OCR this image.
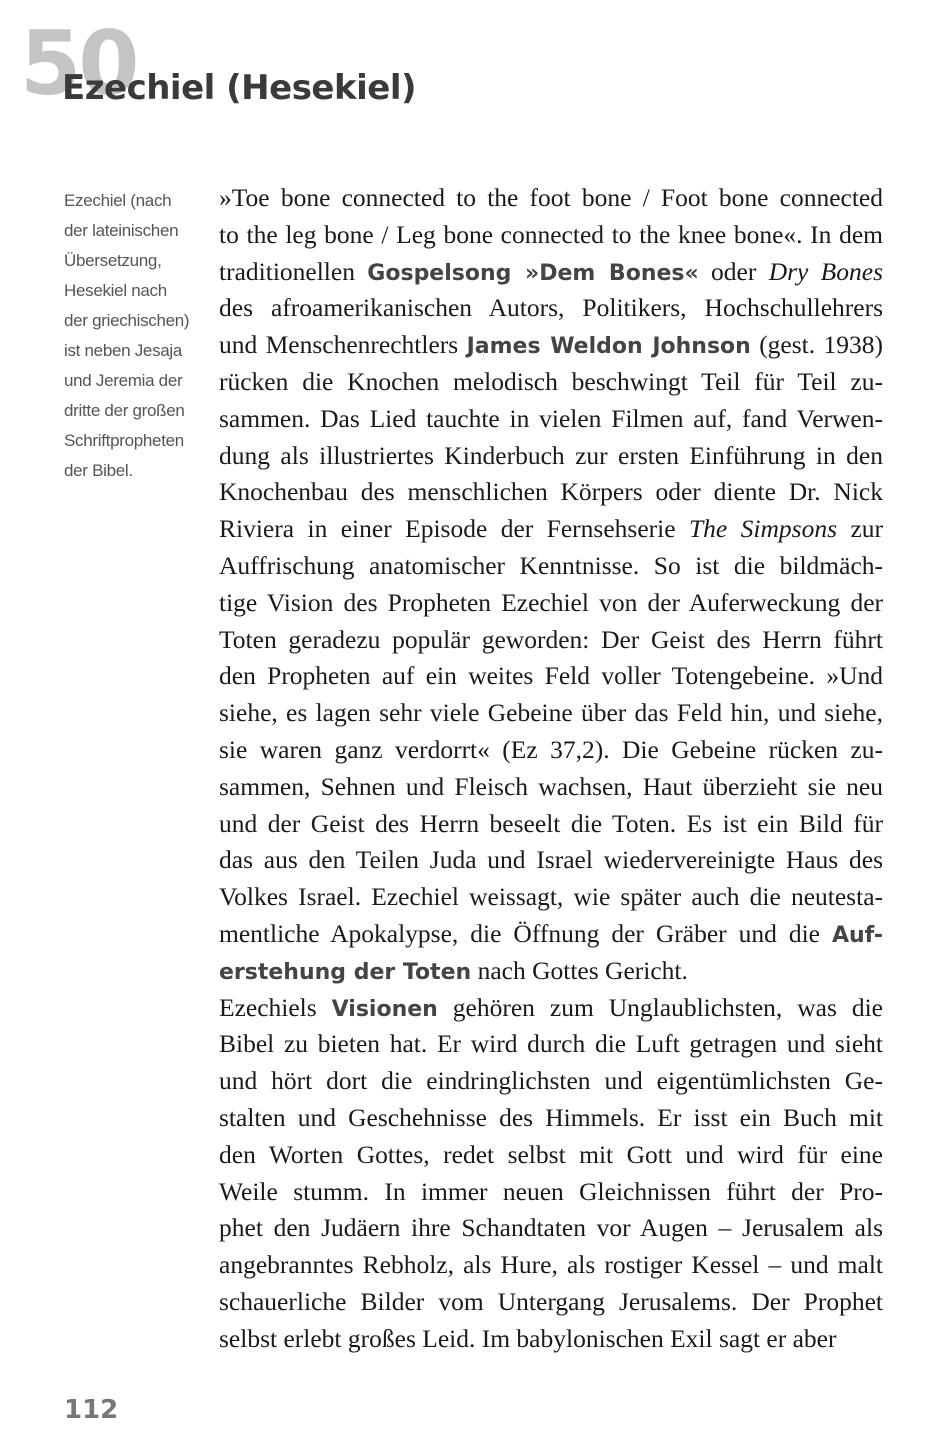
50
Ezechiel (Hesekiel)
Ezechiel (nach
der lateinischen
Übersetzung,
Hesekiel nach
der griechischen)
ist neben Jesaja
und Jeremia der
dritte der großen
Schriftpropheten
der Bibel.
»Toe bone connected to the foot bone / Foot bone connected
to the leg bone / Leg bone connected to the knee bone«. In dem
traditionellen Gospelsong »Dem Bones« oder Dry Bones
des afroamerikanischen Autors, Politikers, Hochschullehrers
und Menschenrechtlers James Weldon Johnson (gest. 1938)
rücken die Knochen melodisch beschwingt Teil für Teil zu-
sammen. Das Lied tauchte in vielen Filmen auf, fand Verwen-
dung als illustriertes Kinderbuch zur ersten Einführung in den
Knochenbau des menschlichen Körpers oder diente Dr. Nick
Riviera in einer Episode der Fernsehserie The Simpsons zur
Auffrischung anatomischer Kenntnisse. So ist die bildmäch-
tige Vision des Propheten Ezechiel von der Auferweckung der
Toten geradezu populär geworden: Der Geist des Herrn führt
den Propheten auf ein weites Feld voller Totengebeine. »Und
siehe, es lagen sehr viele Gebeine über das Feld hin, und siehe,
sie waren ganz verdorrt« (Ez 37,2). Die Gebeine rücken zu-
sammen, Sehnen und Fleisch wachsen, Haut überzieht sie neu
und der Geist des Herrn beseelt die Toten. Es ist ein Bild für
das aus den Teilen Juda und Israel wiedervereinigte Haus des
Volkes Israel. Ezechiel weissagt, wie später auch die neutesta-
mentliche Apokalypse, die Öffnung der Gräber und die Auf-
erstehung der Toten nach Gottes Gericht.
Ezechiels Visionen gehören zum Unglaublichsten, was die
Bibel zu bieten hat. Er wird durch die Luft getragen und sieht
und hört dort die eindringlichsten und eigentümlichsten Ge-
stalten und Geschehnisse des Himmels. Er isst ein Buch mit
den Worten Gottes, redet selbst mit Gott und wird für eine
Weile stumm. In immer neuen Gleichnissen führt der Pro-
phet den Judäern ihre Schandtaten vor Augen – Jerusalem als
angebranntes Rebholz, als Hure, als rostiger Kessel – und malt
schauerliche Bilder vom Untergang Jerusalems. Der Prophet
selbst erlebt großes Leid. Im babylonischen Exil sagt er aber
112
